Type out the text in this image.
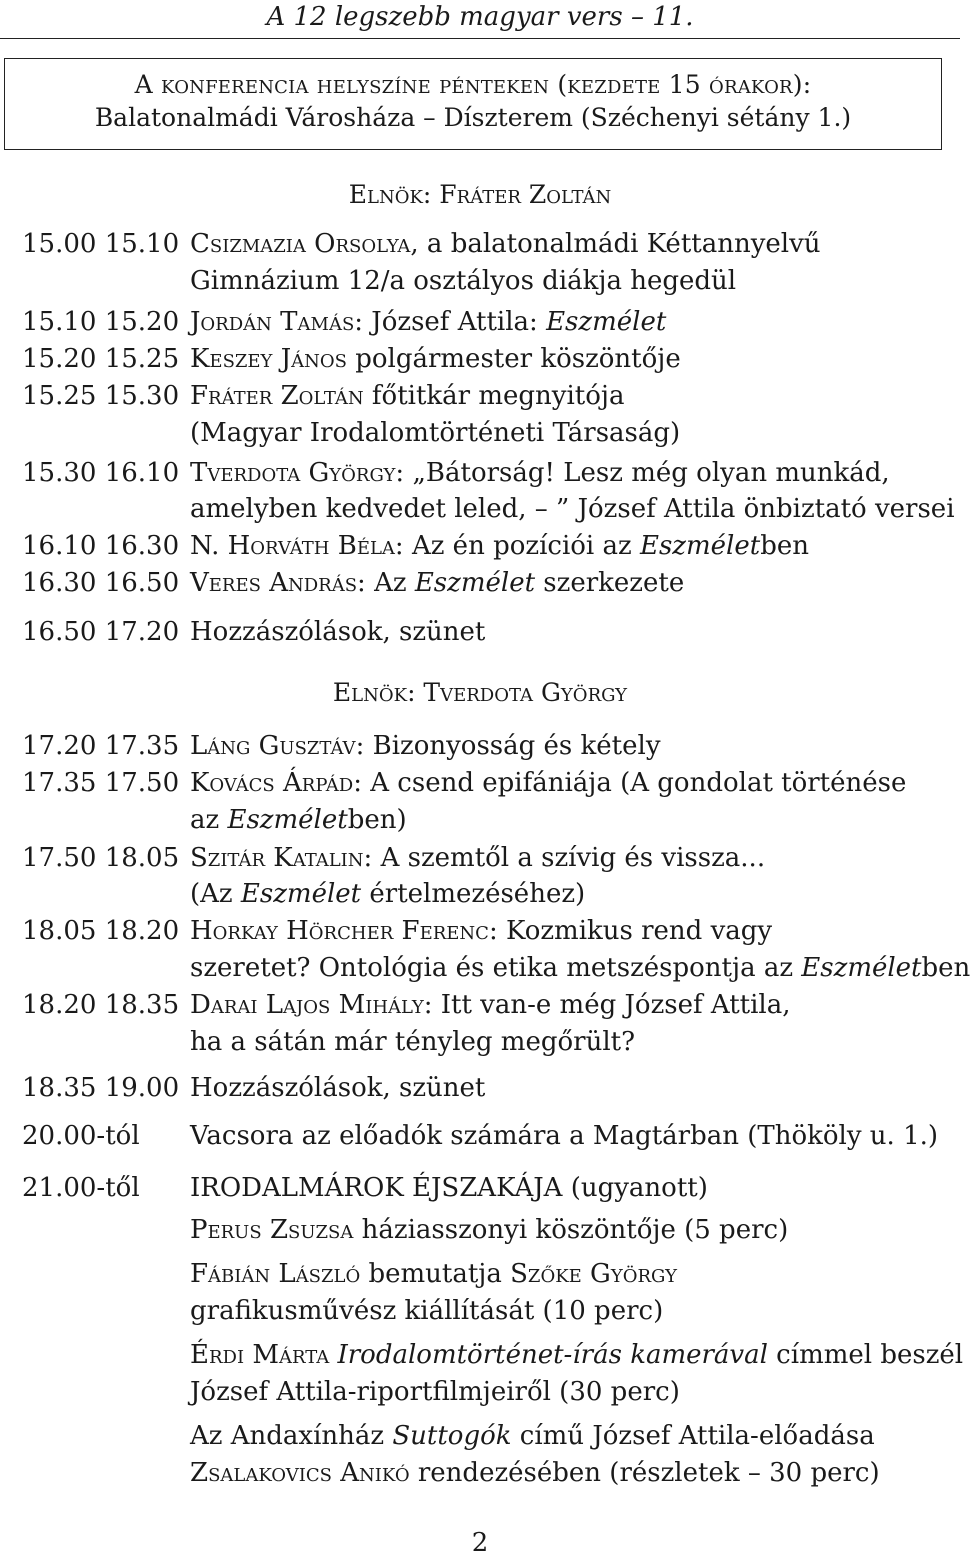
A 12 legszebb magyar vers – 11.
A konferencia helyszíne pénteken (kezdete 15 órakor):
Balatonalmádi Városháza – Díszterem (Széchenyi sétány 1.)
Elnök: Fráter Zoltán
15.00 15.10 Csizmazia Orsolya, a balatonalmádi Kéttannyelvű
Gimnázium 12/a osztályos diákja hegedül
15.10 15.20 Jordán Tamás: József Attila: Eszmélet
15.20 15.25 Keszey János polgármester köszöntője
15.25 15.30 Fráter Zoltán főtitkár megnyitója
(Magyar Irodalomtörténeti Társaság)
15.30 16.10 Tverdota György: „Bátorság! Lesz még olyan munkád,
amelyben kedvedet leled, – ” József Attila önbiztató versei
16.10 16.30 N. Horváth Béla: Az én pozíciói az Eszméletben
16.30 16.50 Veres András: Az Eszmélet szerkezete
16.50 17.20 Hozzászólások, szünet
Elnök: Tverdota György
17.20 17.35 Láng Gusztáv: Bizonyosság és kétely
17.35 17.50 Kovács Árpád: A csend epifániája (A gondolat történése
az Eszméletben)
17.50 18.05 Szitár Katalin: A szemtől a szívig és vissza...
(Az Eszmélet értelmezéséhez)
18.05 18.20 Horkay Hörcher Ferenc: Kozmikus rend vagy
szeretet? Ontológia és etika metszéspontja az Eszméletben
18.20 18.35 Darai Lajos Mihály: Itt van-e még József Attila,
ha a sátán már tényleg megőrült?
18.35 19.00 Hozzászólások, szünet
20.00-tól Vacsora az előadók számára a Magtárban (Thököly u. 1.)
21.00-től IRODALMÁROK ÉJSZAKÁJA (ugyanott)
Perus Zsuzsa háziasszonyi köszöntője (5 perc)
Fábián László bemutatja Szőke György
grafikusművész kiállítását (10 perc)
Érdi Márta Irodalomtörténet-írás kamerával címmel beszél
József Attila-riportfilmjeiről (30 perc)
Az Andaxínház Suttogók című József Attila-előadása
Zsalakovics Anikó rendezésében (részletek – 30 perc)
2
